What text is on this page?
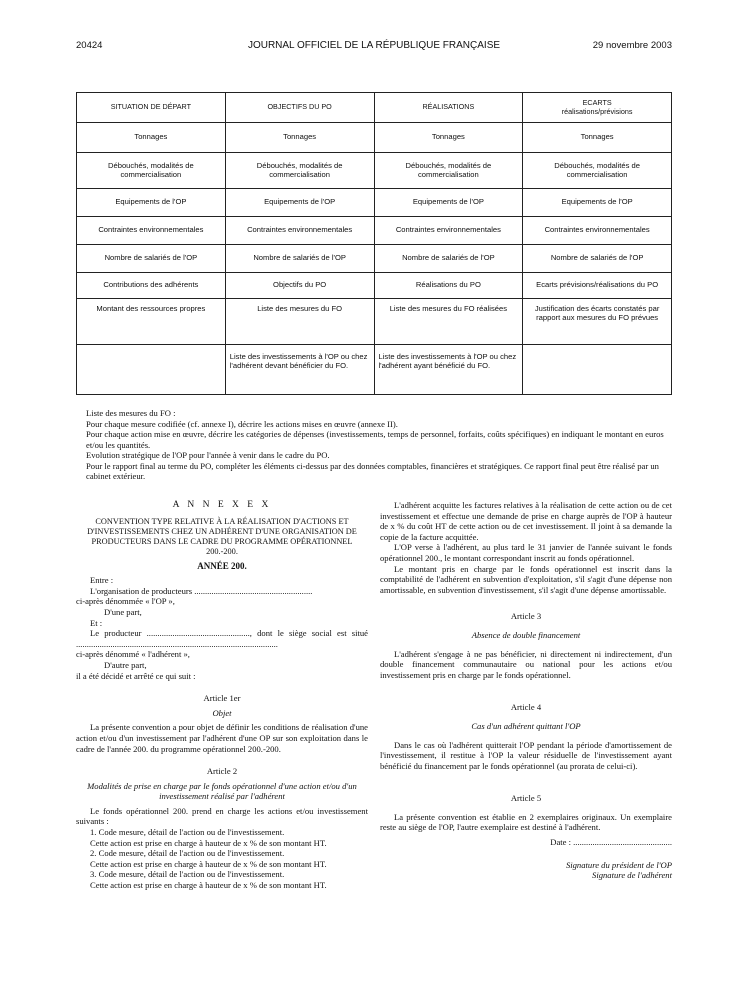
20424	JOURNAL OFFICIEL DE LA RÉPUBLIQUE FRANÇAISE	29 novembre 2003
SITUATION DE DÉPART	OBJECTIFS DU PO	RÉALISATIONS	ECARTS
réalisations/prévisions

Tonnages	Tonnages	Tonnages	Tonnages
Débouchés, modalités de commercialisation	Débouchés, modalités de commercialisation	Débouchés, modalités de commercialisation	Débouchés, modalités de commercialisation
Equipements de l'OP	Equipements de l'OP	Equipements de l'OP	Equipements de l'OP
Contraintes environnementales	Contraintes environnementales	Contraintes environnementales	Contraintes environnementales
Nombre de salariés de l'OP	Nombre de salariés de l'OP	Nombre de salariés de l'OP	Nombre de salariés de l'OP
Contributions des adhérents	Objectifs du PO	Réalisations du PO	Ecarts prévisions/réalisations du PO
Montant des ressources propres	Liste des mesures du FO	Liste des mesures du FO réalisées	Justification des écarts constatés par rapport aux mesures du FO prévues
	Liste des investissements à l'OP ou chez l'adhérent devant bénéficier du FO.	Liste des investissements à l'OP ou chez l'adhérent ayant bénéficié du FO.	

Liste des mesures du FO :

Pour chaque mesure codifiée (cf. annexe I), décrire les actions mises en œuvre (annexe II).

Pour chaque action mise en œuvre, décrire les catégories de dépenses (investissements, temps de personnel, forfaits, coûts spécifiques) en indiquant le montant en euros et/ou les quantités.

Evolution stratégique de l'OP pour l'année à venir dans le cadre du PO.

Pour le rapport final au terme du PO, compléter les éléments ci-dessus par des données comptables, financières et stratégiques. Ce rapport final peut être réalisé par un cabinet extérieur.

A N N E X E X

CONVENTION TYPE RELATIVE À LA RÉALISATION D'ACTIONS ET D'INVESTISSEMENTS CHEZ UN ADHÉRENT D'UNE ORGANISATION DE PRODUCTEURS DANS LE CADRE DU PROGRAMME OPÉRATIONNEL 200.-200.

ANNÉE 200.

Entre :

L'organisation de producteurs .......................................................

ci-après dénommée « l'OP »,

D'une part,

Et :

Le producteur ................................................, dont le siège social est situé ..............................................................................................

ci-après dénommé « l'adhérent »,

D'autre part,

il a été décidé et arrêté ce qui suit :

Article 1er

Objet

La présente convention a pour objet de définir les conditions de réalisation d'une action et/ou d'un investissement par l'adhérent d'une OP sur son exploitation dans le cadre de l'année 200. du programme opérationnel 200.-200.

Article 2

Modalités de prise en charge par le fonds opérationnel d'une action et/ou d'un investissement réalisé par l'adhérent

Le fonds opérationnel 200. prend en charge les actions et/ou investissement suivants :

1. Code mesure, détail de l'action ou de l'investissement.

Cette action est prise en charge à hauteur de x % de son montant HT.

2. Code mesure, détail de l'action ou de l'investissement.

Cette action est prise en charge à hauteur de x % de son montant HT.

3. Code mesure, détail de l'action ou de l'investissement.

Cette action est prise en charge à hauteur de x % de son montant HT.

L'adhérent acquitte les factures relatives à la réalisation de cette action ou de cet investissement et effectue une demande de prise en charge auprès de l'OP à hauteur de x % du coût HT de cette action ou de cet investissement. Il joint à sa demande la copie de la facture acquittée.

L'OP verse à l'adhérent, au plus tard le 31 janvier de l'année suivant le fonds opérationnel 200., le montant correspondant inscrit au fonds opérationnel.

Le montant pris en charge par le fonds opérationnel est inscrit dans la comptabilité de l'adhérent en subvention d'exploitation, s'il s'agit d'une dépense non amortissable, en subvention d'investissement, s'il s'agit d'une dépense amortissable.

Article 3

Absence de double financement

L'adhérent s'engage à ne pas bénéficier, ni directement ni indirectement, d'un double financement communautaire ou national pour les actions et/ou investissement pris en charge par le fonds opérationnel.

Article 4

Cas d'un adhérent quittant l'OP

Dans le cas où l'adhérent quitterait l'OP pendant la période d'amortissement de l'investissement, il restitue à l'OP la valeur résiduelle de l'investissement ayant bénéficié du financement par le fonds opérationnel (au prorata de celui-ci).

Article 5

La présente convention est établie en 2 exemplaires originaux. Un exemplaire reste au siège de l'OP, l'autre exemplaire est destiné à l'adhérent.

Date : ..............................................

Signature du président de l'OP

Signature de l'adhérent
